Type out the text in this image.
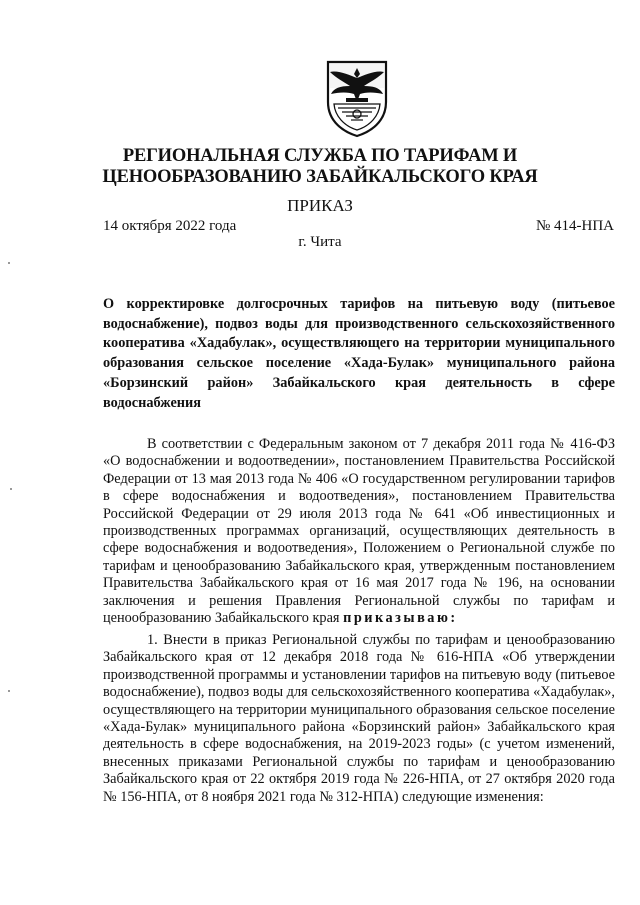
РЕГИОНАЛЬНАЯ СЛУЖБА ПО ТАРИФАМ И
ЦЕНООБРАЗОВАНИЮ ЗАБАЙКАЛЬСКОГО КРАЯ
ПРИКАЗ
14 октября 2022 года	№ 414-НПА
г. Чита
О корректировке долгосрочных тарифов на питьевую воду (питьевое водоснабжение), подвоз воды для производственного сельскохозяйственного кооператива «Хадабулак», осуществляющего на территории муниципального образования сельское поселение «Хада-Булак» муниципального района «Борзинский район» Забайкальского края деятельность в сфере водоснабжения
В соответствии с Федеральным законом от 7 декабря 2011 года № 416-ФЗ «О водоснабжении и водоотведении», постановлением Правительства Российской Федерации от 13 мая 2013 года № 406 «О государственном регулировании тарифов в сфере водоснабжения и водоотведения», постановлением Правительства Российской Федерации от 29 июля 2013 года № 641 «Об инвестиционных и производственных программах организаций, осуществляющих деятельность в сфере водоснабжения и водоотведения», Положением о Региональной службе по тарифам и ценообразованию Забайкальского края, утвержденным постановлением Правительства Забайкальского края от 16 мая 2017 года № 196, на основании заключения и решения Правления Региональной службы по тарифам и ценообразованию Забайкальского края приказываю:
1. Внести в приказ Региональной службы по тарифам и ценообразованию Забайкальского края от 12 декабря 2018 года № 616-НПА «Об утверждении производственной программы и установлении тарифов на питьевую воду (питьевое водоснабжение), подвоз воды для сельскохозяйственного кооператива «Хадабулак», осуществляющего на территории муниципального образования сельское поселение «Хада-Булак» муниципального района «Борзинский район» Забайкальского края деятельность в сфере водоснабжения, на 2019-2023 годы» (с учетом изменений, внесенных приказами Региональной службы по тарифам и ценообразованию Забайкальского края от 22 октября 2019 года № 226-НПА, от 27 октября 2020 года № 156-НПА, от 8 ноября 2021 года № 312-НПА) следующие изменения:
